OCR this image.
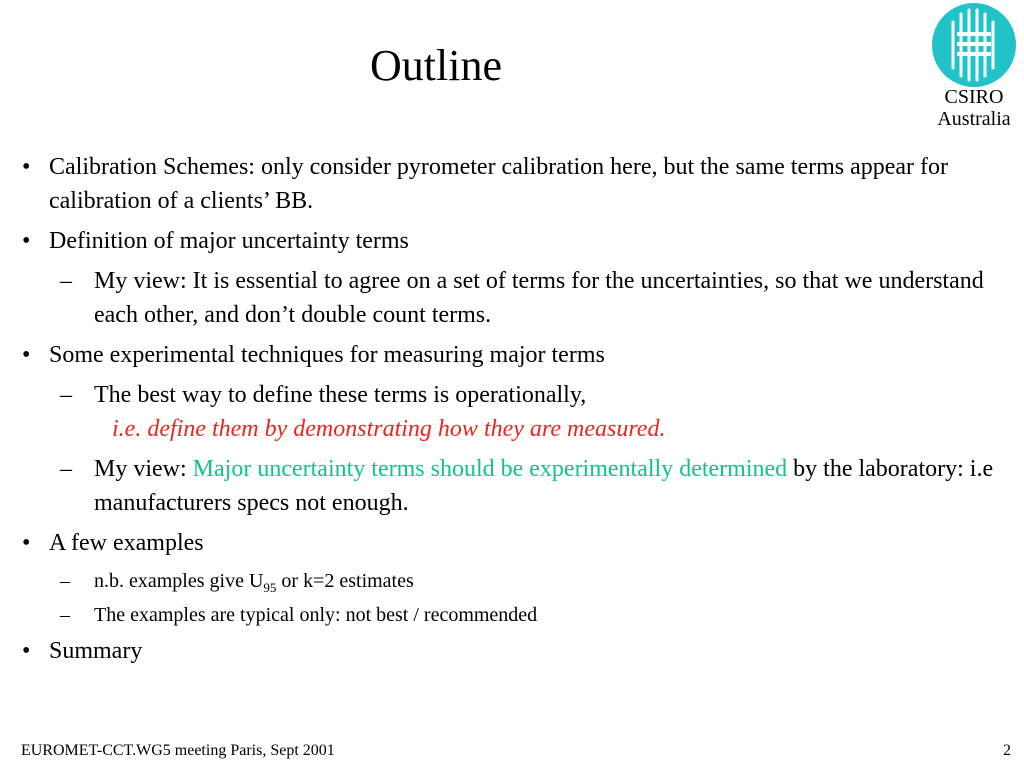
Outline
CSIRO
Australia
• Calibration Schemes: only consider pyrometer calibration here, but the same terms appear for calibration of a clients’ BB.
• Definition of major uncertainty terms
– My view: It is essential to agree on a set of terms for the uncertainties, so that we understand each other, and don’t double count terms.
• Some experimental techniques for measuring major terms
– The best way to define these terms is operationally,
i.e. define them by demonstrating how they are measured.
– My view: Major uncertainty terms should be experimentally determined by the laboratory: i.e manufacturers specs not enough.
• A few examples
– n.b. examples give $U_{95}$ or k=2 estimates
– The examples are typical only: not best / recommended
• Summary
EUROMET-CCT.WG5 meeting Paris, Sept 2001	2
